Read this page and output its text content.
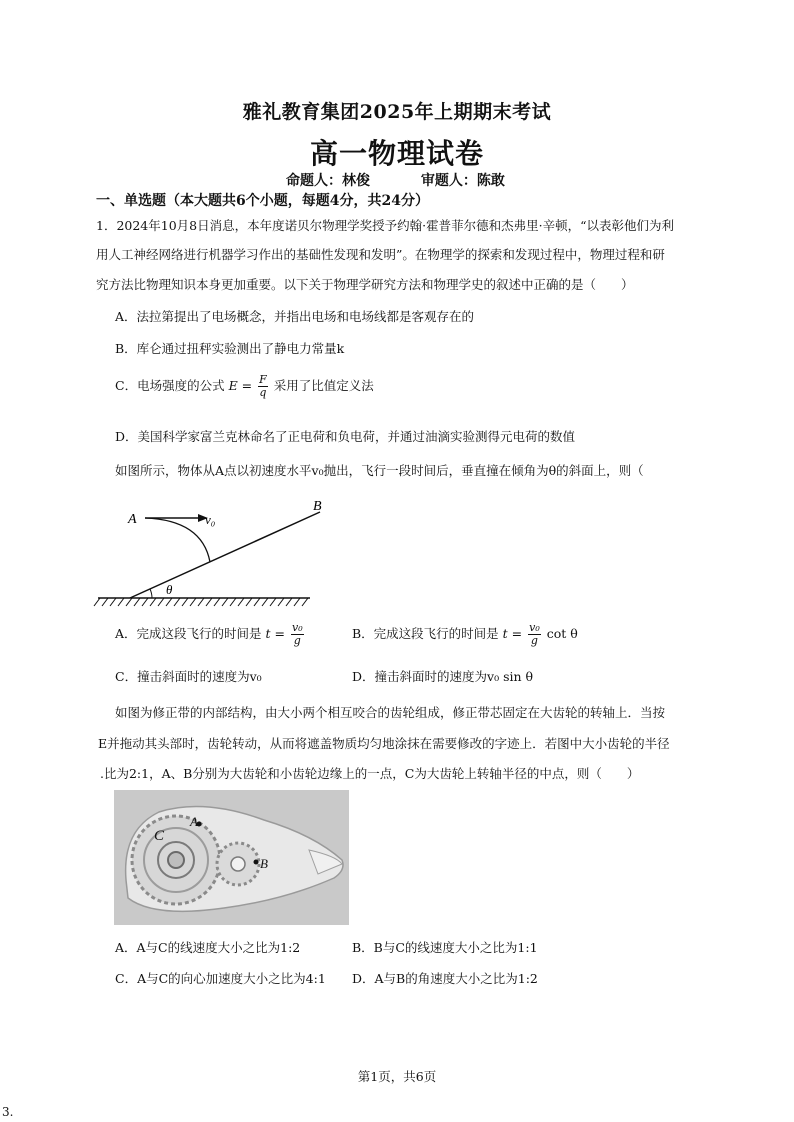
雅礼教育集团2025年上期期末考试
高一物理试卷
命题人：林俊	审题人：陈敢
一、单选题（本大题共6个小题，每题4分，共24分）
1．2024年10月8日消息，本年度诺贝尔物理学奖授予约翰·霍普菲尔德和杰弗里·辛顿，“以表彰他们为利
用人工神经网络进行机器学习作出的基础性发现和发明”。在物理学的探索和发现过程中，物理过程和研
究方法比物理知识本身更加重要。以下关于物理学研究方法和物理学史的叙述中正确的是（　　）
A．法拉第提出了电场概念，并指出电场和电场线都是客观存在的
B．库仑通过扭秤实验测出了静电力常量k
C．电场强度的公式 $E = \frac{F}{q}$ 采用了比值定义法
D．美国科学家富兰克林命名了正电荷和负电荷，并通过油滴实验测得元电荷的数值
如图所示，物体从A点以初速度水平v₀抛出，飞行一段时间后，垂直撞在倾角为θ的斜面上，则（
A
B
v₀
θ
A．完成这段飞行的时间是 $t = \frac{\text{v₀}}{g}$	B．完成这段飞行的时间是 $t = \frac{\text{v₀}}{g}$ cot θ
C．撞击斜面时的速度为v₀	D．撞击斜面时的速度为v₀ sin θ
如图为修正带的内部结构，由大小两个相互咬合的齿轮组成，修正带芯固定在大齿轮的转轴上．当按
E并拖动其头部时，齿轮转动，从而将遮盖物质均匀地涂抹在需要修改的字迹上．若图中大小齿轮的半径
.比为2:1，A、B分别为大齿轮和小齿轮边缘上的一点，C为大齿轮上转轴半径的中点，则（　　）
C
A
B
A．A与C的线速度大小之比为1:2	B．B与C的线速度大小之比为1:1
C．A与C的向心加速度大小之比为4:1 D．A与B的角速度大小之比为1:2
第1页，共6页
3.
